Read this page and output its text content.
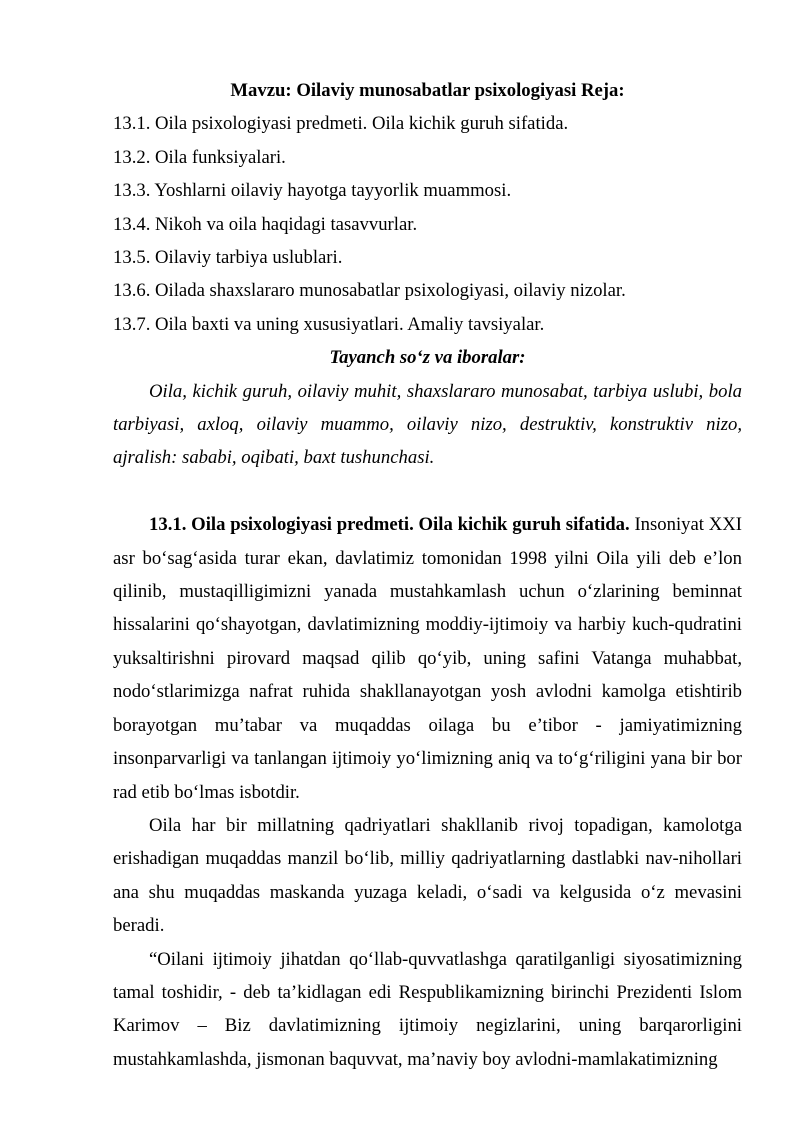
Mavzu: Oilaviy munosabatlar psixologiyasi Reja:

13.1. Oila psixologiyasi predmeti. Oila kichik guruh sifatida.

13.2. Oila funksiyalari.

13.3. Yoshlarni oilaviy hayotga tayyorlik muammosi.

13.4. Nikoh va oila haqidagi tasavvurlar.

13.5. Oilaviy tarbiya uslublari.

13.6. Oilada shaxslararo munosabatlar psixologiyasi, oilaviy nizolar.

13.7. Oila baxti va uning xususiyatlari. Amaliy tavsiyalar.

Tayanch so‘z va iboralar:

Oila, kichik guruh, oilaviy muhit, shaxslararo munosabat, tarbiya uslubi, bola tarbiyasi, axloq, oilaviy muammo, oilaviy nizo, destruktiv, konstruktiv nizo, ajralish: sababi, oqibati, baxt tushunchasi.

13.1. Oila psixologiyasi predmeti. Oila kichik guruh sifatida. Insoniyat XXI asr bo‘sag‘asida turar ekan, davlatimiz tomonidan 1998 yilni Oila yili deb e’lon qilinib, mustaqilligimizni yanada mustahkamlash uchun o‘zlarining beminnat hissalarini qo‘shayotgan, davlatimizning moddiy-ijtimoiy va harbiy kuch-qudratini yuksaltirishni pirovard maqsad qilib qo‘yib, uning safini Vatanga muhabbat, nodo‘stlarimizga nafrat ruhida shakllanayotgan yosh avlodni kamolga etishtirib borayotgan mu’tabar va muqaddas oilaga bu e’tibor - jamiyatimizning insonparvarligi va tanlangan ijtimoiy yo‘limizning aniq va to‘g‘riligini yana bir bor rad etib bo‘lmas isbotdir.

Oila har bir millatning qadriyatlari shakllanib rivoj topadigan, kamolotga erishadigan muqaddas manzil bo‘lib, milliy qadriyatlarning dastlabki nav-nihollari ana shu muqaddas maskanda yuzaga keladi, o‘sadi va kelgusida o‘z mevasini beradi.

“Oilani ijtimoiy jihatdan qo‘llab-quvvatlashga qaratilganligi siyosatimizning tamal toshidir, - deb ta’kidlagan edi Respublikamizning birinchi Prezidenti Islom Karimov – Biz davlatimizning ijtimoiy negizlarini, uning barqarorligini mustahkamlashda, jismonan baquvvat, ma’naviy boy avlodni-mamlakatimizning
